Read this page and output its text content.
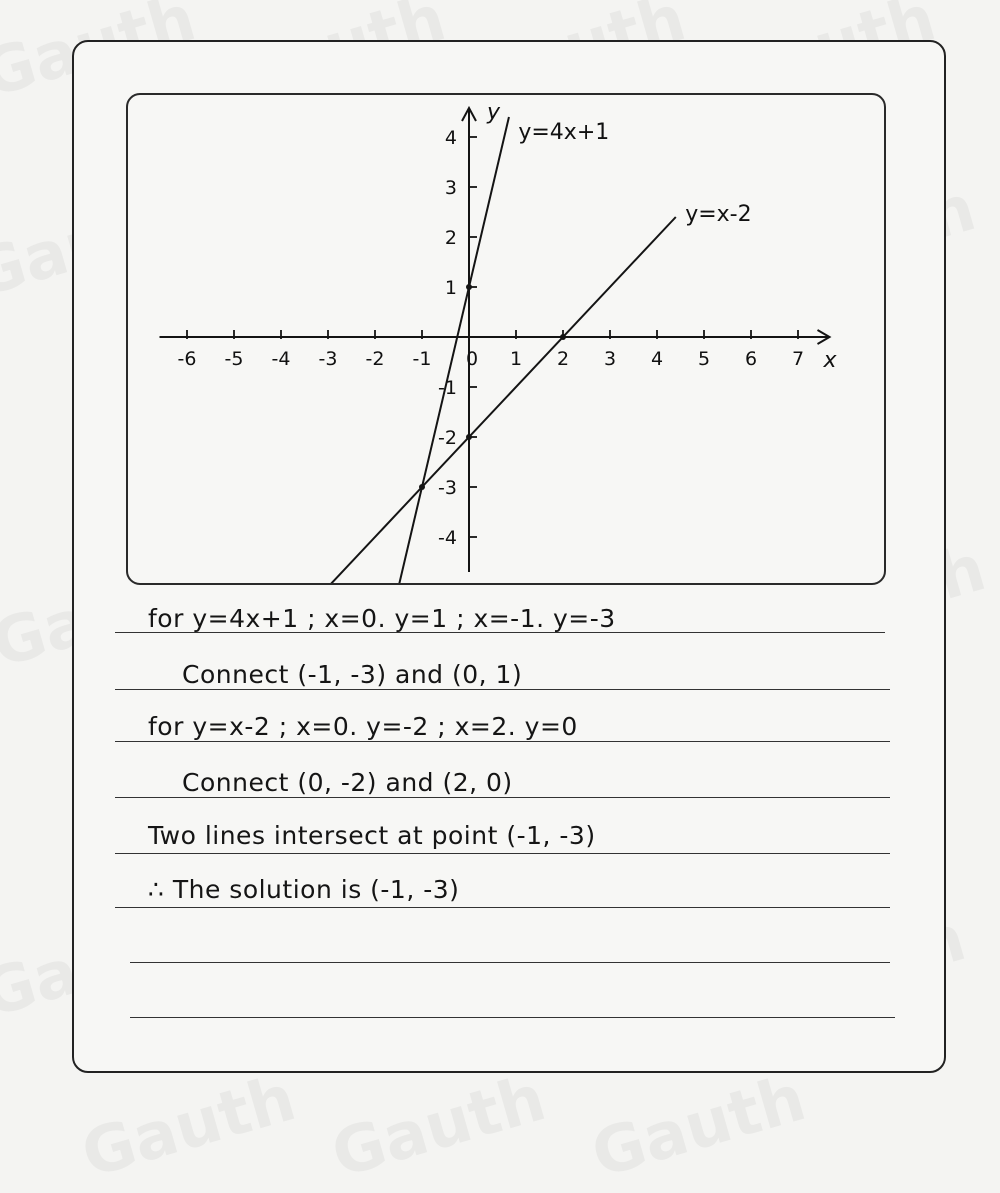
-6 -5 -4 -3 -2 -1 0 1 2 3 4 5 6 7
4
3
2
1
-1
-2
-3
-4
y
x
y=4x+1
y=x-2
for y=4x+1 ; x=0. y=1 ; x=-1. y=-3
Connect (-1, -3) and (0, 1)
for y=x-2 ; x=0. y=-2 ; x=2. y=0
Connect (0, -2) and (2, 0)
Two lines intersect at point (-1, -3)
∴ The solution is (-1, -3)
